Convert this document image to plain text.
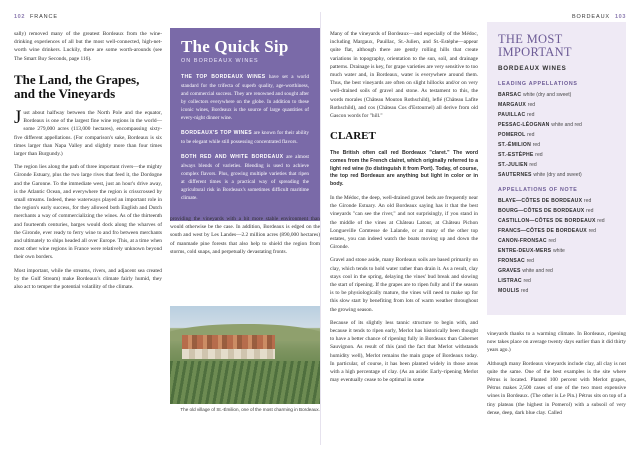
102 FRANCE	BORDEAUX 103

sally) removed many of the greatest Bordeaux from the wine-drinking experiences of all but the most well-connected, high-net-worth wine drinkers. Luckily, there are some worth-arounds (see The Smart Buy Seconds, page 116).

The Land, the Grapes, and the Vineyards

Just about halfway between the North Pole and the equator, Bordeaux is one of the largest fine wine regions in the world—some 279,000 acres (113,000 hectares), encompassing sixty-five different appellations. (For comparison's sake, Bordeaux is six times larger than Napa Valley and slightly more than four times larger than Burgundy.)

The region lies along the path of three important rivers—the mighty Gironde Estuary, plus the two large rives that feed it, the Dordogne and the Garonne. To the immediate west, just an hour's drive away, is the Atlantic Ocean, and everywhere the region is crisscrossed by small streams. Indeed, these waterways played an important role in the region's early success, for they allowed both English and Dutch merchants a way of commercializing the wines. As of the thirteenth and fourteenth centuries, barges would dock along the wharves of the Gironde, ever ready to ferry wine to and fro between merchants and ultimately to ships headed all over Europe. This, at a time when most other wine regions in France were relatively unknown beyond their own borders.

Most important, while the streams, rivers, and adjacent sea created by the Gulf Stream) make Bordeaux's climate fairly humid, they also act to temper the potential volatility of the climate.

The Quick Sip
ON BORDEAUX WINES

THE TOP BORDEAUX WINES have set a world standard for the trifecta of superb quality, age-worthiness, and commercial success. They are renowned and sought after by collectors everywhere on the globe. In addition to these iconic wines, Bordeaux is the source of large quantities of every-night dinner wine.

BORDEAUX'S TOP WINES are known for their ability to be elegant while still possessing concentrated flavors.

BOTH RED AND WHITE BORDEAUX are almost always blends of varieties. Blending is used to achieve complex flavors. Plus, growing multiple varieties that ripen at different times is a practical way of spreading the agricultural risk in Bordeaux's sometimes difficult maritime climate.

providing the vineyards with a bit more stable environment than would otherwise be the case. In addition, Bordeaux is edged on the south and west by Les Landes—2.2 million acres (890,000 hectares) of manmade pine forests that also help to shield the region from storms, cold snaps, and perpetually devastating fronts.

The old village of St.-Émilion, one of the most charming in Bordeaux.

Many of the vineyards of Bordeaux—and especially of the Médoc, including Margaux, Pauillac, St.-Julien, and St.-Estèphe—appear quite flat, although there are gently rolling hills that create variations in topography, orientation to the sun, soil, and drainage patterns. Drainage is key, for grape varieties are very sensitive to too much water and, in Bordeaux, water is everywhere around them. Thus, the best vineyards are often on slight hillocks and/or on very well-drained soils of gravel and stone. As testament to this, the words morales (Château Mouton Rothschild), leflé (Château Lafite Rothschild), and cos (Château Cos d'Estournel) all derive from old Gascon words for "hill."

CLARET

The British often call red Bordeaux "claret." The word comes from the French clairet, which originally referred to a light red wine (to distinguish it from Port). Today, of course, the top red Bordeaux are anything but light in color or in body.

In the Médoc, the deep, well-drained gravel beds are frequently near the Gironde Estuary. An old Bordeaux saying has it that the best vineyards "can see the river," and not surprisingly, if you stand in the middle of the vines at Château Latour, at Château Pichon Longueville Comtesse de Lalande, or at many of the other top estates, you can indeed watch the boats moving up and down the Gironde.

Gravel and stone aside, many Bordeaux soils are based primarily on clay, which tends to hold water rather than drain it. As a result, clay stays cool in the spring, delaying the vines' bud break and slowing the start of ripening. If the grapes are to ripen fully and if the season is to be physiologically mature, the vines will need to make up for this slow start by benefiting from lots of warm weather throughout the growing season.

Because of its slightly less tannic structure to begin with, and because it tends to ripen early, Merlot has historically been thought to have a better chance of ripening fully in Bordeaux than Cabernet Sauvignon. As result of this (and the fact that Merlot withstands humidity well), Merlot remains the main grape of Bordeaux today. In particular, of course, it has been planted widely in those areas with a high percentage of clay. (As an aside: Early-ripening Merlot may eventually cease to be optimal in some

THE MOST IMPORTANT
BORDEAUX WINES
LEADING APPELLATIONS
BARSAC white (dry and sweet)
MARGAUX red
PAUILLAC red
PESSAC-LÉOGNAN white and red
POMEROL red
ST.-ÉMILION red
ST.-ESTÈPHE red
ST.-JULIEN red
SAUTERNES white (dry and sweet)
APPELLATIONS OF NOTE
BLAYE—CÔTES DE BORDEAUX red
BOURG—CÔTES DE BORDEAUX red
CASTILLON—CÔTES DE BORDEAUX red
FRANCS—CÔTES DE BORDEAUX red
CANON-FRONSAC red
ENTRE-DEUX-MERS white
FRONSAC red
GRAVES white and red
LISTRAC red
MOULIS red

vineyards thanks to a warming climate. In Bordeaux, ripening now takes place on average twenty days earlier than it did thirty years ago.)

Although many Bordeaux vineyards include clay, all clay is not quite the same. One of the best examples is the site where Pétrus is located. Planted 100 percent with Merlot grapes, Pétrus makes 2,500 cases of one of the two most expensive wines in Bordeaux. (The other is Le Pin.) Pétrus sits on top of a tiny plateau (the highest in Pomerol) with a subsoil of very dense, deep, dark blue clay. Called
